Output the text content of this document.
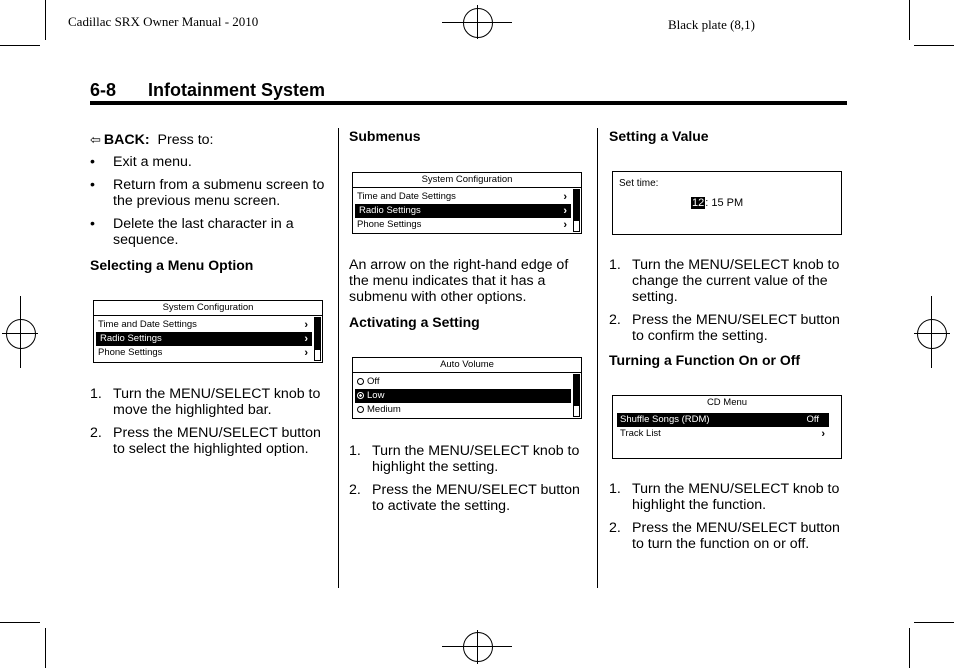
Cadillac SRX Owner Manual - 2010	Black plate (8,1)
6-8 Infotainment System

⇦ BACK: Press to:

• Exit a menu.

• Return from a submenu screen to the previous menu screen.

• Delete the last character in a sequence.

Selecting a Menu Option

System Configuration
Time and Date Settings	›
Radio Settings	›
Phone Settings	›

1. Turn the MENU/SELECT knob to move the highlighted bar.

2. Press the MENU/SELECT button to select the highlighted option.

Submenus

System Configuration
Time and Date Settings	›
Radio Settings	›
Phone Settings	›

An arrow on the right-hand edge of the menu indicates that it has a submenu with other options.

Activating a Setting

Auto Volume
Off
Low
Medium

1. Turn the MENU/SELECT knob to highlight the setting.

2. Press the MENU/SELECT button to activate the setting.

Setting a Value

Set time:
12: 15 PM

1. Turn the MENU/SELECT knob to change the current value of the setting.

2. Press the MENU/SELECT button to confirm the setting.

Turning a Function On or Off

CD Menu
Shuffle Songs (RDM)	Off
Track List	›

1. Turn the MENU/SELECT knob to highlight the function.

2. Press the MENU/SELECT button to turn the function on or off.
